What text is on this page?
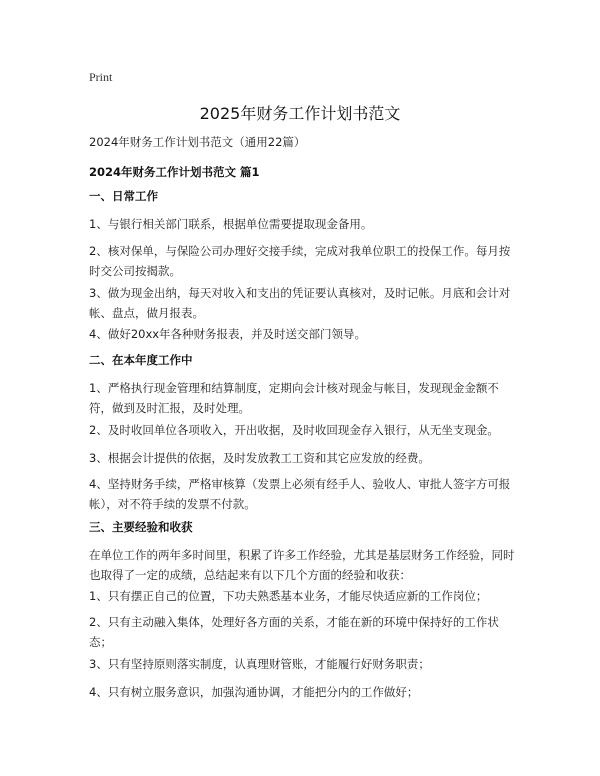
Print
2025年财务工作计划书范文
2024年财务工作计划书范文（通用22篇）
2024年财务工作计划书范文 篇1
一、日常工作
1、与银行相关部门联系，根据单位需要提取现金备用。
2、核对保单，与保险公司办理好交接手续，完成对我单位职工的投保工作。每月按时交公司按揭款。
3、做为现金出纳，每天对收入和支出的凭证要认真核对，及时记帐。月底和会计对帐、盘点，做月报表。
4、做好20xx年各种财务报表，并及时送交部门领导。
二、在本年度工作中
1、严格执行现金管理和结算制度，定期向会计核对现金与帐目，发现现金金额不符，做到及时汇报，及时处理。
2、及时收回单位各项收入，开出收据，及时收回现金存入银行，从无坐支现金。
3、根据会计提供的依据，及时发放教工工资和其它应发放的经费。
4、坚持财务手续，严格审核算（发票上必须有经手人、验收人、审批人签字方可报帐），对不符手续的发票不付款。
三、主要经验和收获
在单位工作的两年多时间里，积累了许多工作经验，尤其是基层财务工作经验，同时也取得了一定的成绩，总结起来有以下几个方面的经验和收获：
1、只有摆正自己的位置，下功夫熟悉基本业务，才能尽快适应新的工作岗位；
2、只有主动融入集体，处理好各方面的关系，才能在新的环境中保持好的工作状态；
3、只有坚持原则落实制度，认真理财管账，才能履行好财务职责；
4、只有树立服务意识，加强沟通协调，才能把分内的工作做好；
